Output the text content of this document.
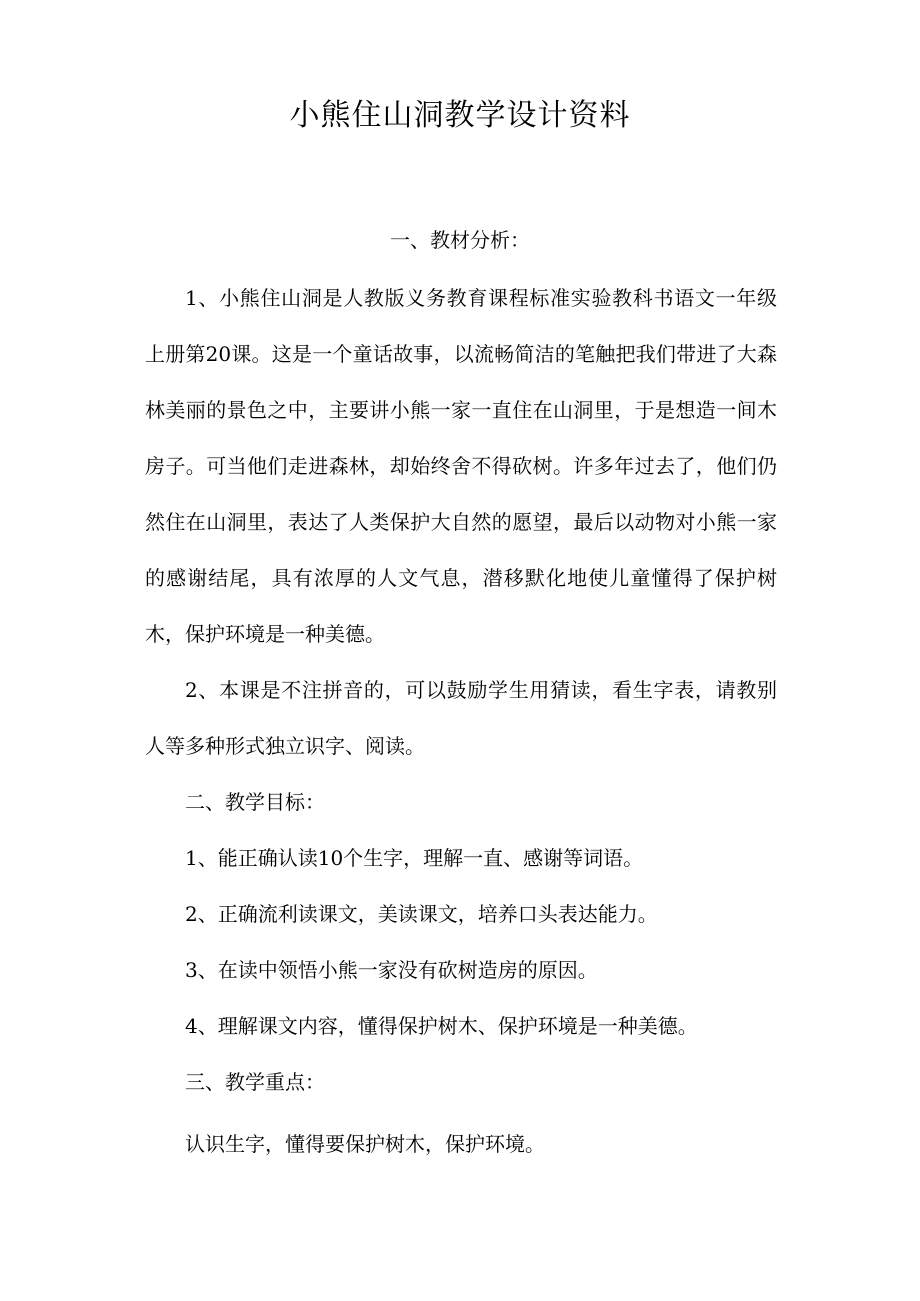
小熊住山洞教学设计资料

一、教材分析：

1、小熊住山洞是人教版义务教育课程标准实验教科书语文一年级上册第20课。这是一个童话故事，以流畅简洁的笔触把我们带进了大森林美丽的景色之中，主要讲小熊一家一直住在山洞里，于是想造一间木房子。可当他们走进森林，却始终舍不得砍树。许多年过去了，他们仍然住在山洞里，表达了人类保护大自然的愿望，最后以动物对小熊一家的感谢结尾，具有浓厚的人文气息，潜移默化地使儿童懂得了保护树木，保护环境是一种美德。

2、本课是不注拼音的，可以鼓励学生用猜读，看生字表，请教别人等多种形式独立识字、阅读。

二、教学目标：

1、能正确认读10个生字，理解一直、感谢等词语。

2、正确流利读课文，美读课文，培养口头表达能力。

3、在读中领悟小熊一家没有砍树造房的原因。

4、理解课文内容，懂得保护树木、保护环境是一种美德。

三、教学重点：

认识生字，懂得要保护树木，保护环境。
